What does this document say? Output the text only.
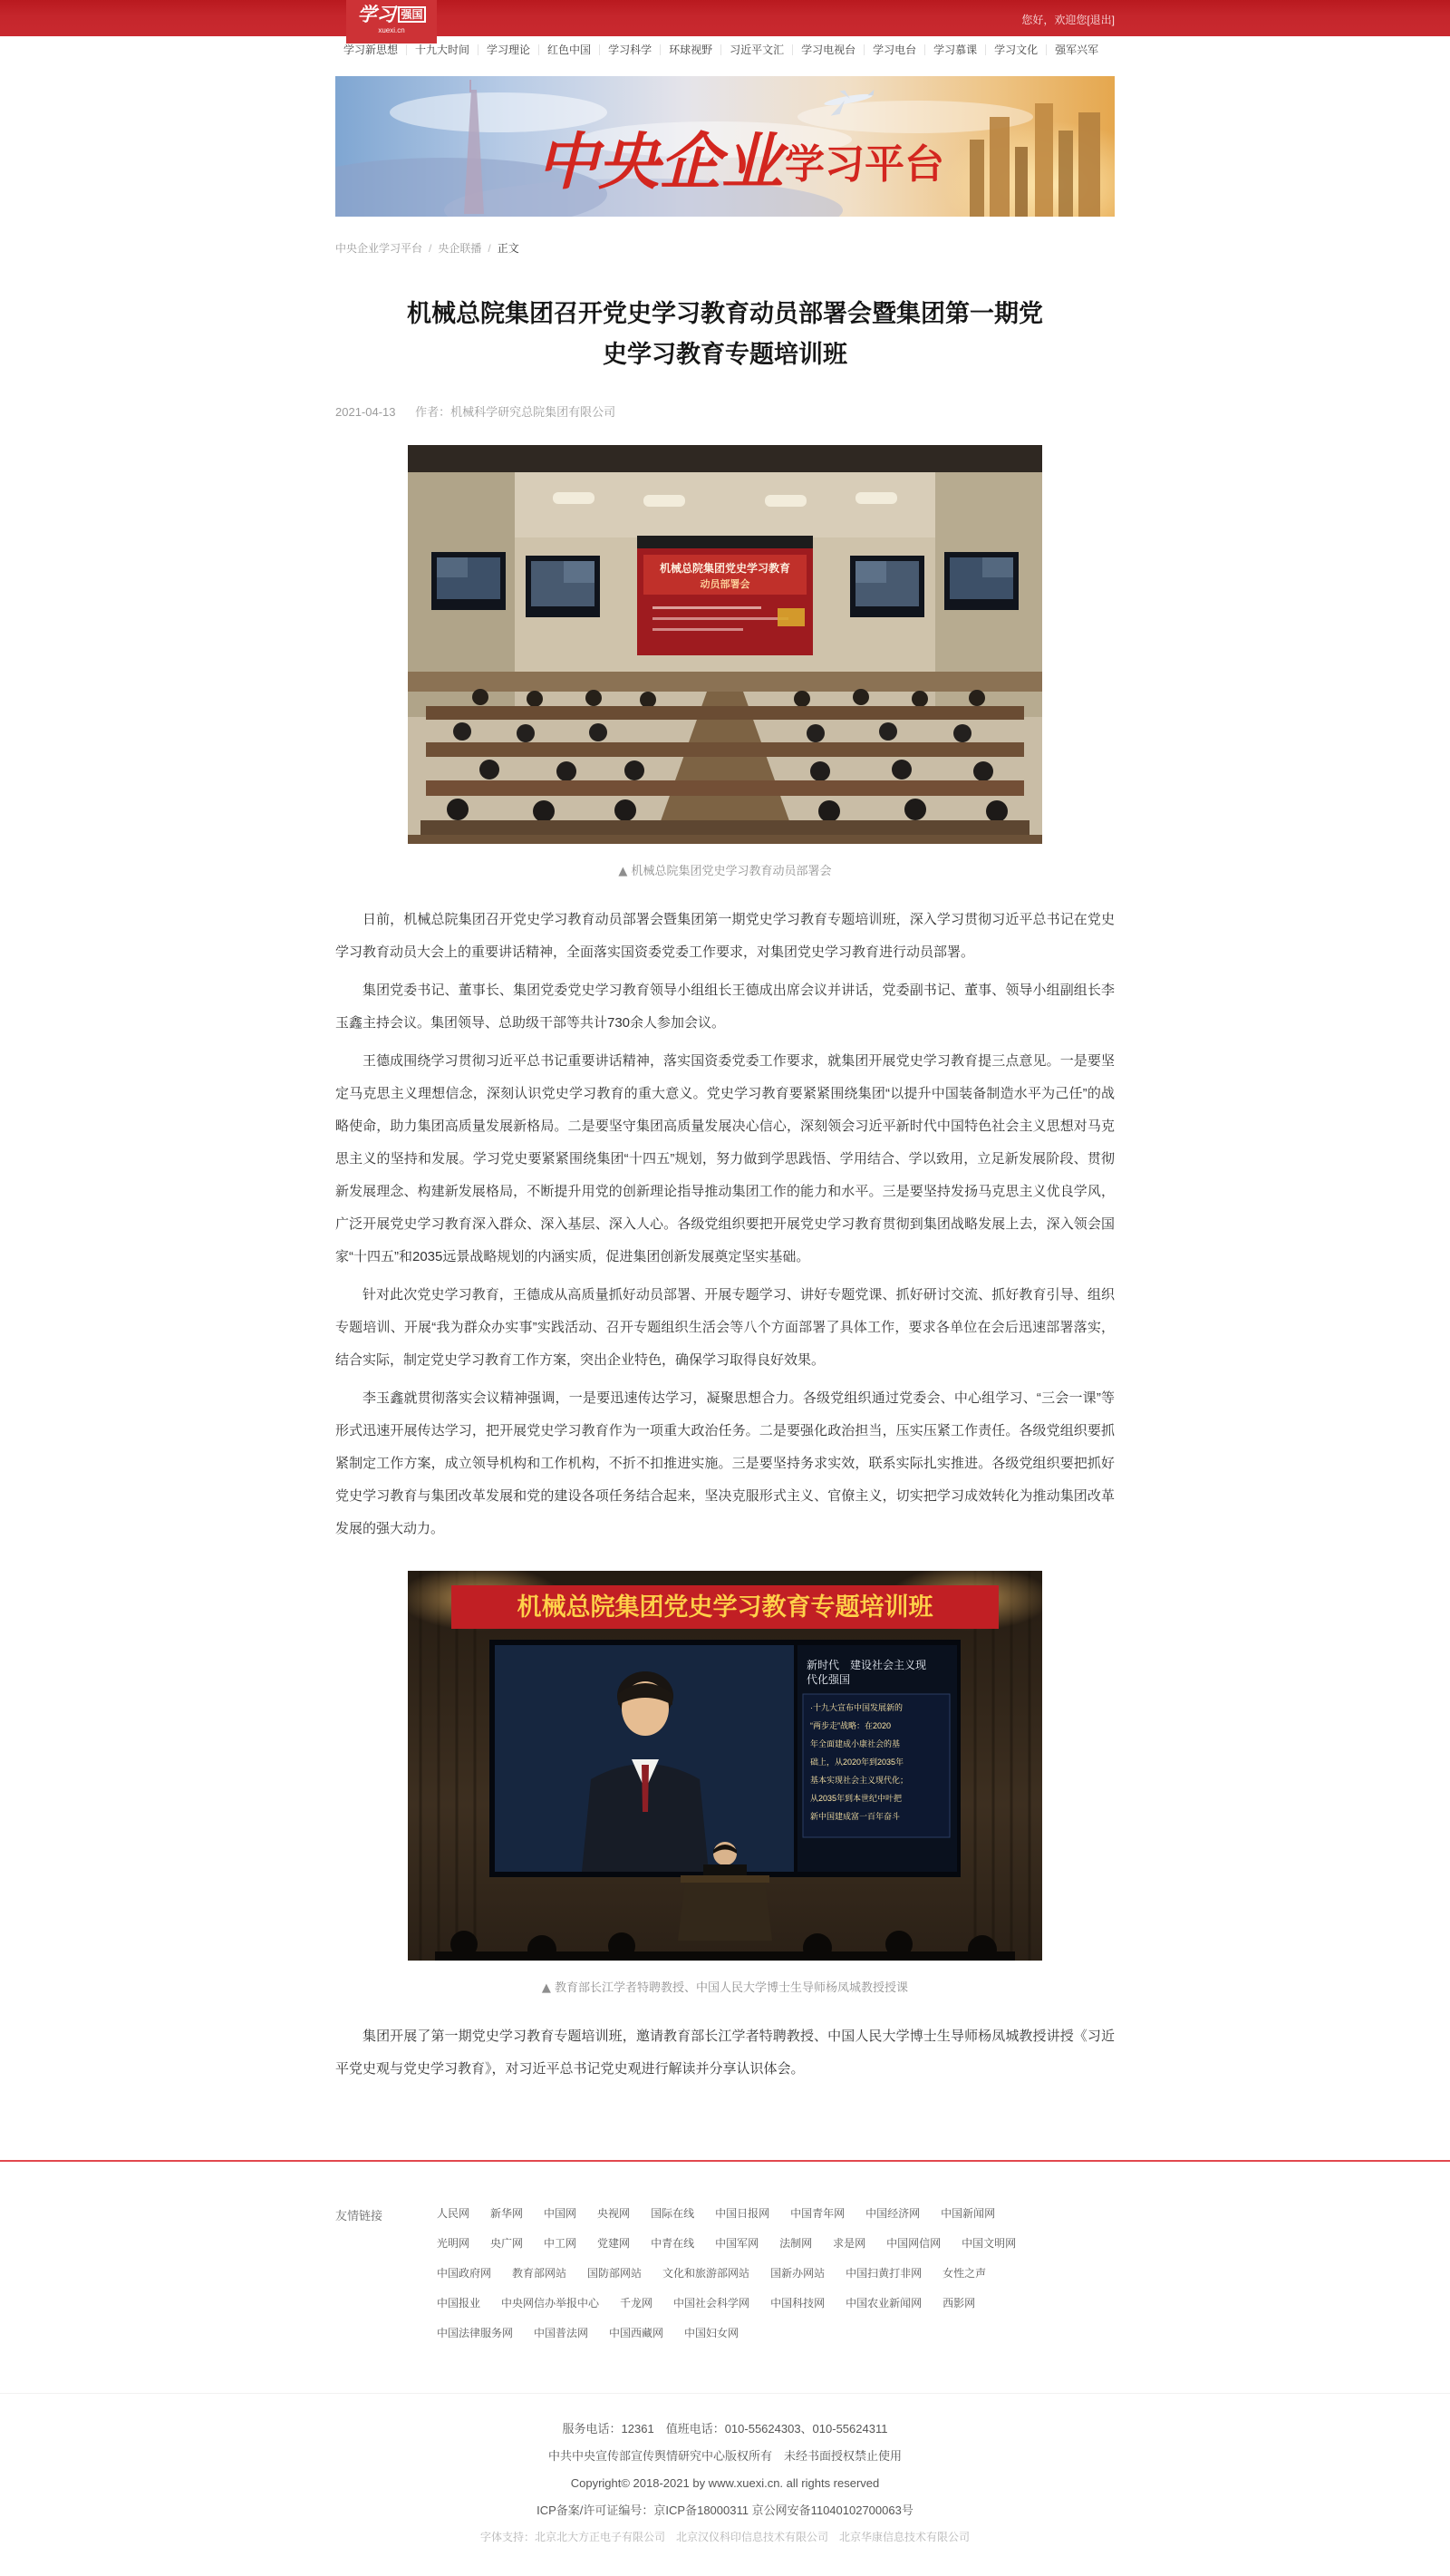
学习 强国
xuexi.cn
您好，欢迎您[退出]
学习新思想	十九大时间	学习理论	红色中国	学习科学	环球视野	习近平文汇	学习电视台	学习电台	学习慕课	学习文化	强军兴军
中央企业 学习平台
中央企业学习平台 / 央企联播 / 正文
机械总院集团召开党史学习教育动员部署会暨集团第一期党史学习教育专题培训班
2021-04-13 作者：机械科学研究总院集团有限公司
机械总院集团党史学习教育
动员部署会
▲ 机械总院集团党史学习教育动员部署会

日前，机械总院集团召开党史学习教育动员部署会暨集团第一期党史学习教育专题培训班，深入学习贯彻习近平总书记在党史学习教育动员大会上的重要讲话精神，全面落实国资委党委工作要求，对集团党史学习教育进行动员部署。

集团党委书记、董事长、集团党委党史学习教育领导小组组长王德成出席会议并讲话，党委副书记、董事、领导小组副组长李玉鑫主持会议。集团领导、总助级干部等共计730余人参加会议。

王德成围绕学习贯彻习近平总书记重要讲话精神，落实国资委党委工作要求，就集团开展党史学习教育提三点意见。一是要坚定马克思主义理想信念，深刻认识党史学习教育的重大意义。党史学习教育要紧紧围绕集团“以提升中国装备制造水平为己任”的战略使命，助力集团高质量发展新格局。二是要坚守集团高质量发展决心信心，深刻领会习近平新时代中国特色社会主义思想对马克思主义的坚持和发展。学习党史要紧紧围绕集团“十四五”规划，努力做到学思践悟、学用结合、学以致用，立足新发展阶段、贯彻新发展理念、构建新发展格局，不断提升用党的创新理论指导推动集团工作的能力和水平。三是要坚持发扬马克思主义优良学风，广泛开展党史学习教育深入群众、深入基层、深入人心。各级党组织要把开展党史学习教育贯彻到集团战略发展上去，深入领会国家“十四五”和2035远景战略规划的内涵实质，促进集团创新发展奠定坚实基础。

针对此次党史学习教育，王德成从高质量抓好动员部署、开展专题学习、讲好专题党课、抓好研讨交流、抓好教育引导、组织专题培训、开展“我为群众办实事”实践活动、召开专题组织生活会等八个方面部署了具体工作，要求各单位在会后迅速部署落实，结合实际，制定党史学习教育工作方案，突出企业特色，确保学习取得良好效果。

李玉鑫就贯彻落实会议精神强调，一是要迅速传达学习，凝聚思想合力。各级党组织通过党委会、中心组学习、“三会一课”等形式迅速开展传达学习，把开展党史学习教育作为一项重大政治任务。二是要强化政治担当，压实压紧工作责任。各级党组织要抓紧制定工作方案，成立领导机构和工作机构，不折不扣推进实施。三是要坚持务求实效，联系实际扎实推进。各级党组织要把抓好党史学习教育与集团改革发展和党的建设各项任务结合起来，坚决克服形式主义、官僚主义，切实把学习成效转化为推动集团改革发展的强大动力。

机械总院集团党史学习教育专题培训班
新时代　建设社会主义现
代化强国
·十九大宣布中国发展新的
“两步走”战略：在2020
年全面建成小康社会的基
础上，从2020年到2035年
基本实现社会主义现代化；
从2035年到本世纪中叶把
新中国建成富一百年奋斗
▲ 教育部长江学者特聘教授、中国人民大学博士生导师杨凤城教授授课

集团开展了第一期党史学习教育专题培训班，邀请教育部长江学者特聘教授、中国人民大学博士生导师杨凤城教授讲授《习近平党史观与党史学习教育》，对习近平总书记党史观进行解读并分享认识体会。

友情链接	人民网 新华网 中国网 央视网 国际在线 中国日报网 中国青年网 中国经济网 中国新闻网
光明网 央广网 中工网 党建网 中青在线 中国军网 法制网 求是网 中国网信网 中国文明网
中国政府网 教育部网站 国防部网站 文化和旅游部网站 国新办网站 中国扫黄打非网 女性之声
中国报业 中央网信办举报中心 千龙网 中国社会科学网 中国科技网 中国农业新闻网 西影网
中国法律服务网 中国普法网 中国西藏网 中国妇女网

服务电话：12361　值班电话：010-55624303、010-55624311

中共中央宣传部宣传舆情研究中心版权所有　未经书面授权禁止使用

Copyright© 2018-2021 by www.xuexi.cn. all rights reserved

ICP备案/许可证编号：京ICP备18000311 京公网安备11040102700063号

字体支持：北京北大方正电子有限公司　北京汉仪科印信息技术有限公司　北京华康信息技术有限公司
